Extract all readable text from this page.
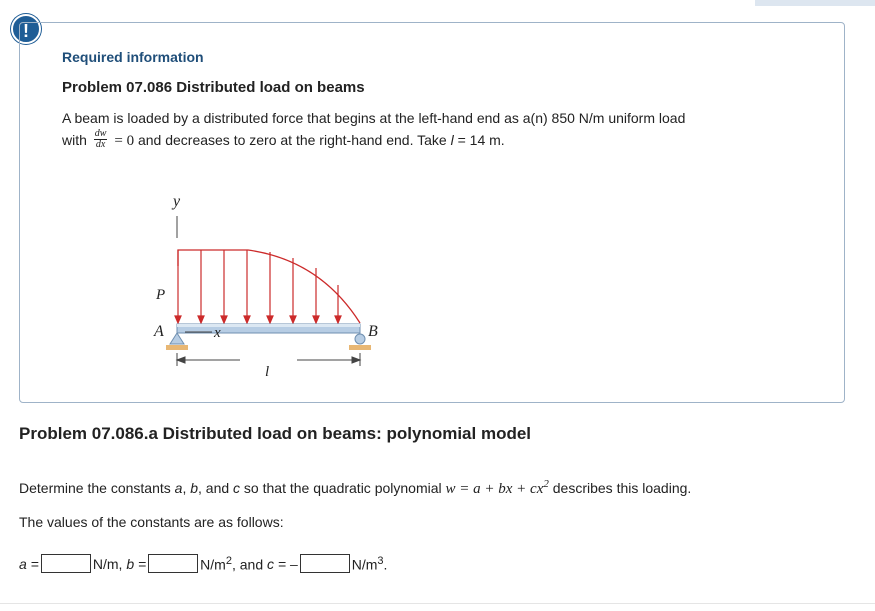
!
Required information
Problem 07.086 Distributed load on beams
A beam is loaded by a distributed force that begins at the left-hand end as a(n) 850 N/m uniform load
with $\frac{dw}{dx} = 0$ and decreases to zero at the right-hand end. Take l = 14 m.
y
P
x
A	B
l
Problem 07.086.a Distributed load on beams: polynomial model
Determine the constants a, b, and c so that the quadratic polynomial w = a + bx + $cx^2$ describes this loading.
The values of the constants are as follows:
a =	N/m,
b =	$N/m^2$, and
c = –	$N/m^3$.
